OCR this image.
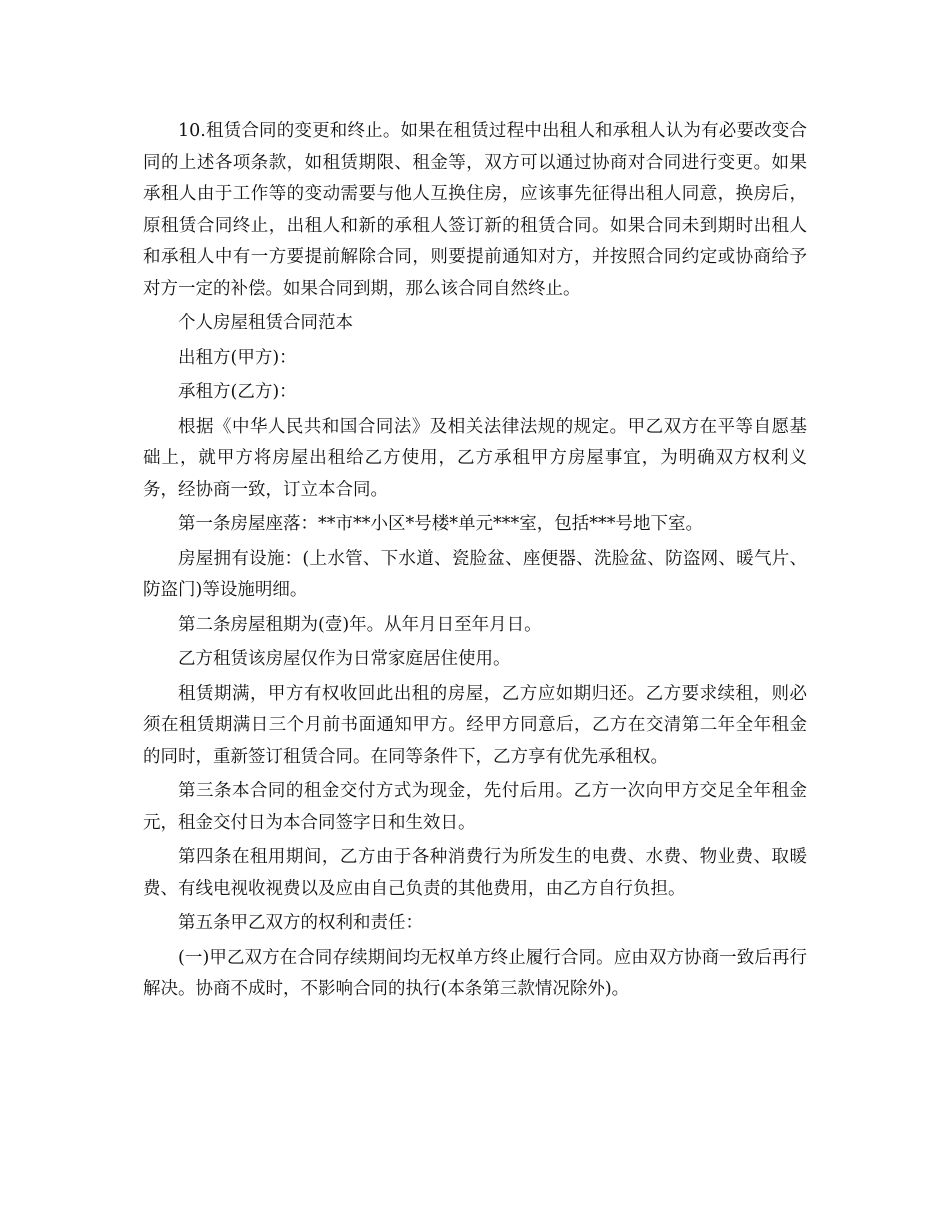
10.租赁合同的变更和终止。如果在租赁过程中出租人和承租人认为有必要改变合同的上述各项条款，如租赁期限、租金等，双方可以通过协商对合同进行变更。如果承租人由于工作等的变动需要与他人互换住房，应该事先征得出租人同意，换房后，原租赁合同终止，出租人和新的承租人签订新的租赁合同。如果合同未到期时出租人和承租人中有一方要提前解除合同，则要提前通知对方，并按照合同约定或协商给予对方一定的补偿。如果合同到期，那么该合同自然终止。

个人房屋租赁合同范本

出租方(甲方)：

承租方(乙方)：

根据《中华人民共和国合同法》及相关法律法规的规定。甲乙双方在平等自愿基础上，就甲方将房屋出租给乙方使用，乙方承租甲方房屋事宜，为明确双方权利义务，经协商一致，订立本合同。

第一条房屋座落：**市**小区*号楼*单元***室，包括***号地下室。

房屋拥有设施：(上水管、下水道、瓷脸盆、座便器、洗脸盆、防盗网、暖气片、防盗门)等设施明细。

第二条房屋租期为(壹)年。从年月日至年月日。

乙方租赁该房屋仅作为日常家庭居住使用。

租赁期满，甲方有权收回此出租的房屋，乙方应如期归还。乙方要求续租，则必须在租赁期满日三个月前书面通知甲方。经甲方同意后，乙方在交清第二年全年租金的同时，重新签订租赁合同。在同等条件下，乙方享有优先承租权。

第三条本合同的租金交付方式为现金，先付后用。乙方一次向甲方交足全年租金元，租金交付日为本合同签字日和生效日。

第四条在租用期间，乙方由于各种消费行为所发生的电费、水费、物业费、取暖费、有线电视收视费以及应由自己负责的其他费用，由乙方自行负担。

第五条甲乙双方的权利和责任：

(一)甲乙双方在合同存续期间均无权单方终止履行合同。应由双方协商一致后再行解决。协商不成时，不影响合同的执行(本条第三款情况除外)。
